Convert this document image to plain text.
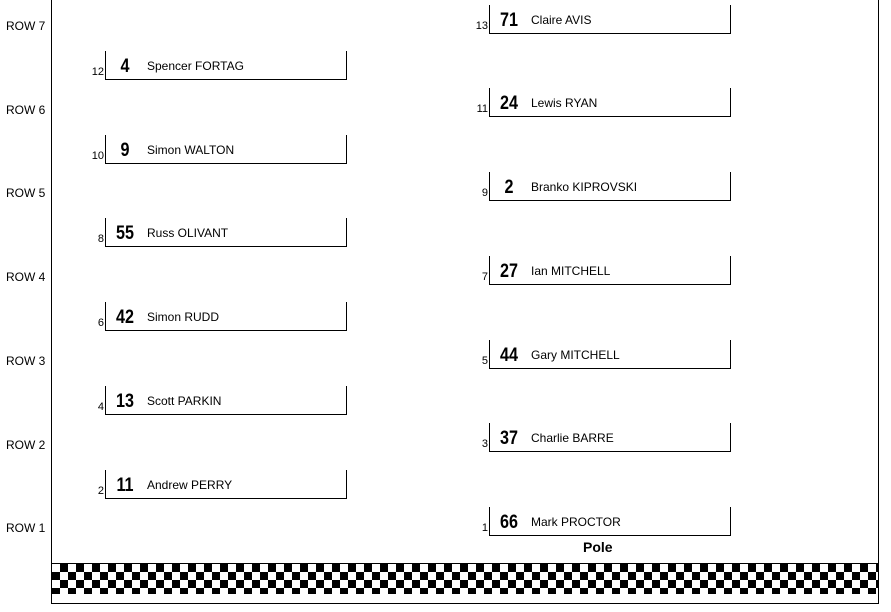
ROW 7
ROW 6
ROW 5
ROW 4
ROW 3
ROW 2
ROW 1
12 4	Spencer FORTAG
10 9	Simon WALTON
8 55	Russ OLIVANT
6 42	Simon RUDD
4 13	Scott PARKIN
2 11	Andrew PERRY
13 71	Claire AVIS
11 24	Lewis RYAN
9 2	Branko KIPROVSKI
7 27	Ian MITCHELL
5 44	Gary MITCHELL
3 37	Charlie BARRE
1 66	Mark PROCTOR
Pole
